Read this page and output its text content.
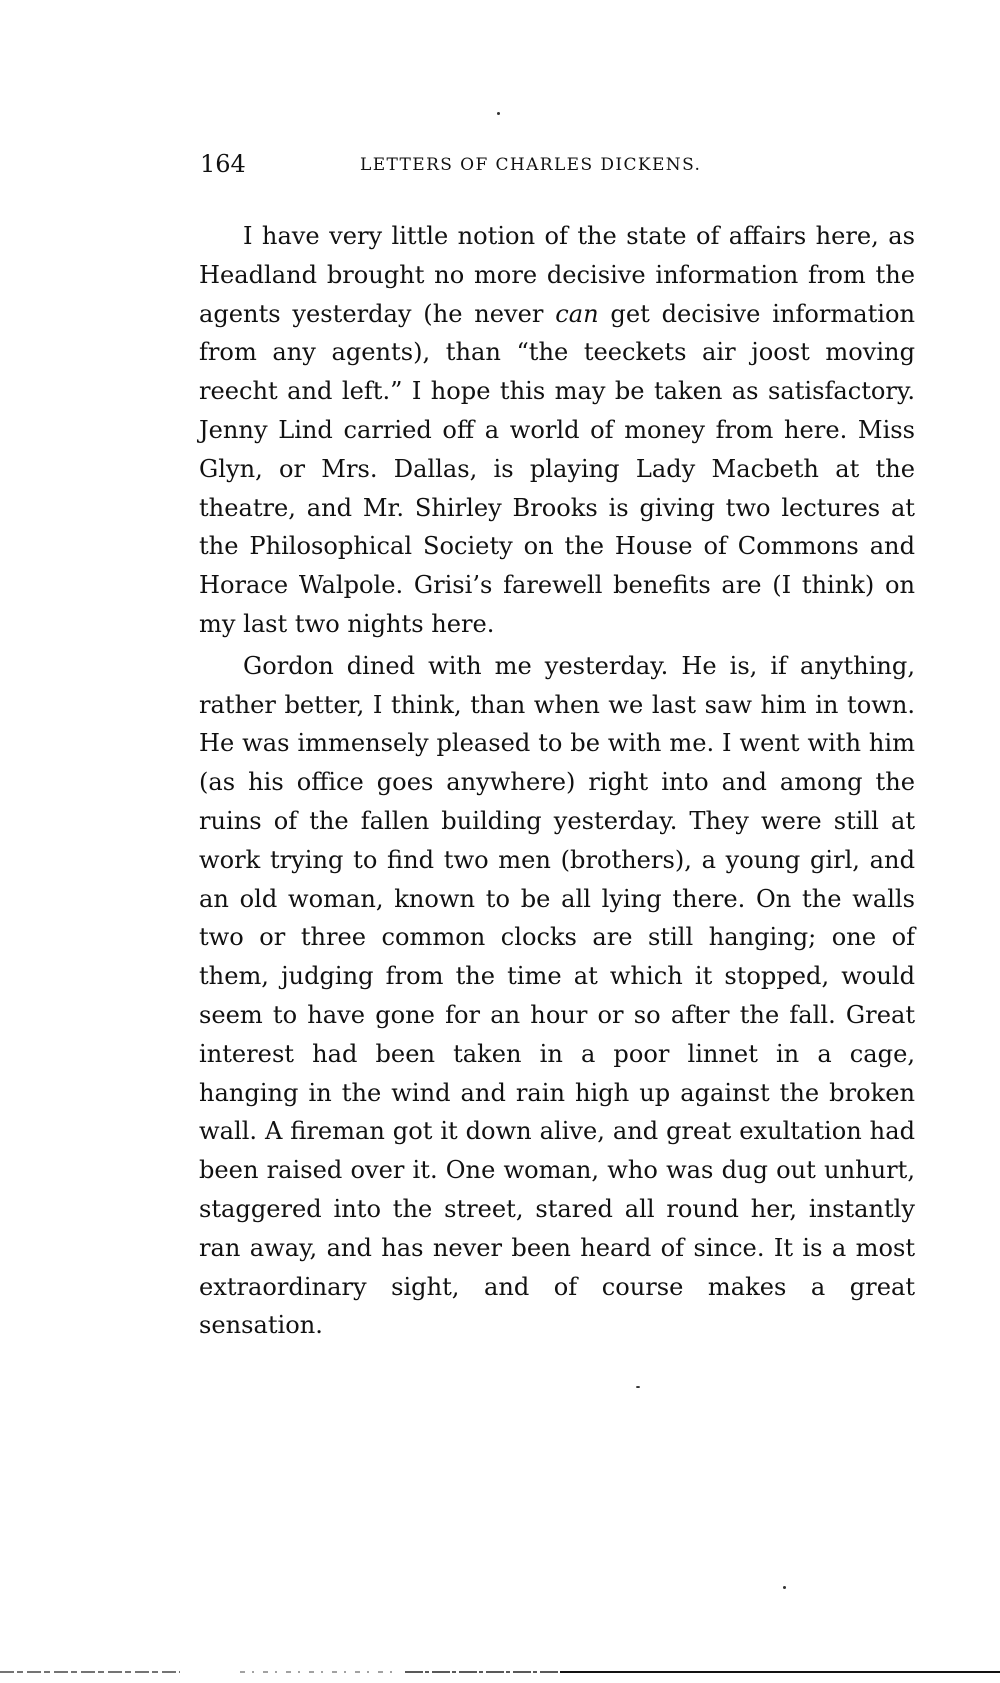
164	LETTERS OF CHARLES DICKENS.

I have very little notion of the state of affairs here, as Headland brought no more decisive information from the agents yesterday (he never can get decisive information from any agents), than “the teeckets air joost moving reecht and left.” I hope this may be taken as satisfactory. Jenny Lind carried off a world of money from here. Miss Glyn, or Mrs. Dallas, is playing Lady Macbeth at the theatre, and Mr. Shirley Brooks is giving two lectures at the Philosophical Society on the House of Commons and Horace Walpole. Grisi’s farewell benefits are (I think) on my last two nights here.

Gordon dined with me yesterday. He is, if anything, rather better, I think, than when we last saw him in town. He was immensely pleased to be with me. I went with him (as his office goes anywhere) right into and among the ruins of the fallen building yesterday. They were still at work trying to find two men (brothers), a young girl, and an old woman, known to be all lying there. On the walls two or three common clocks are still hanging; one of them, judging from the time at which it stopped, would seem to have gone for an hour or so after the fall. Great interest had been taken in a poor linnet in a cage, hanging in the wind and rain high up against the broken wall. A fireman got it down alive, and great exultation had been raised over it. One woman, who was dug out unhurt, staggered into the street, stared all round her, instantly ran away, and has never been heard of since. It is a most extraordinary sight, and of course makes a great sensation.
